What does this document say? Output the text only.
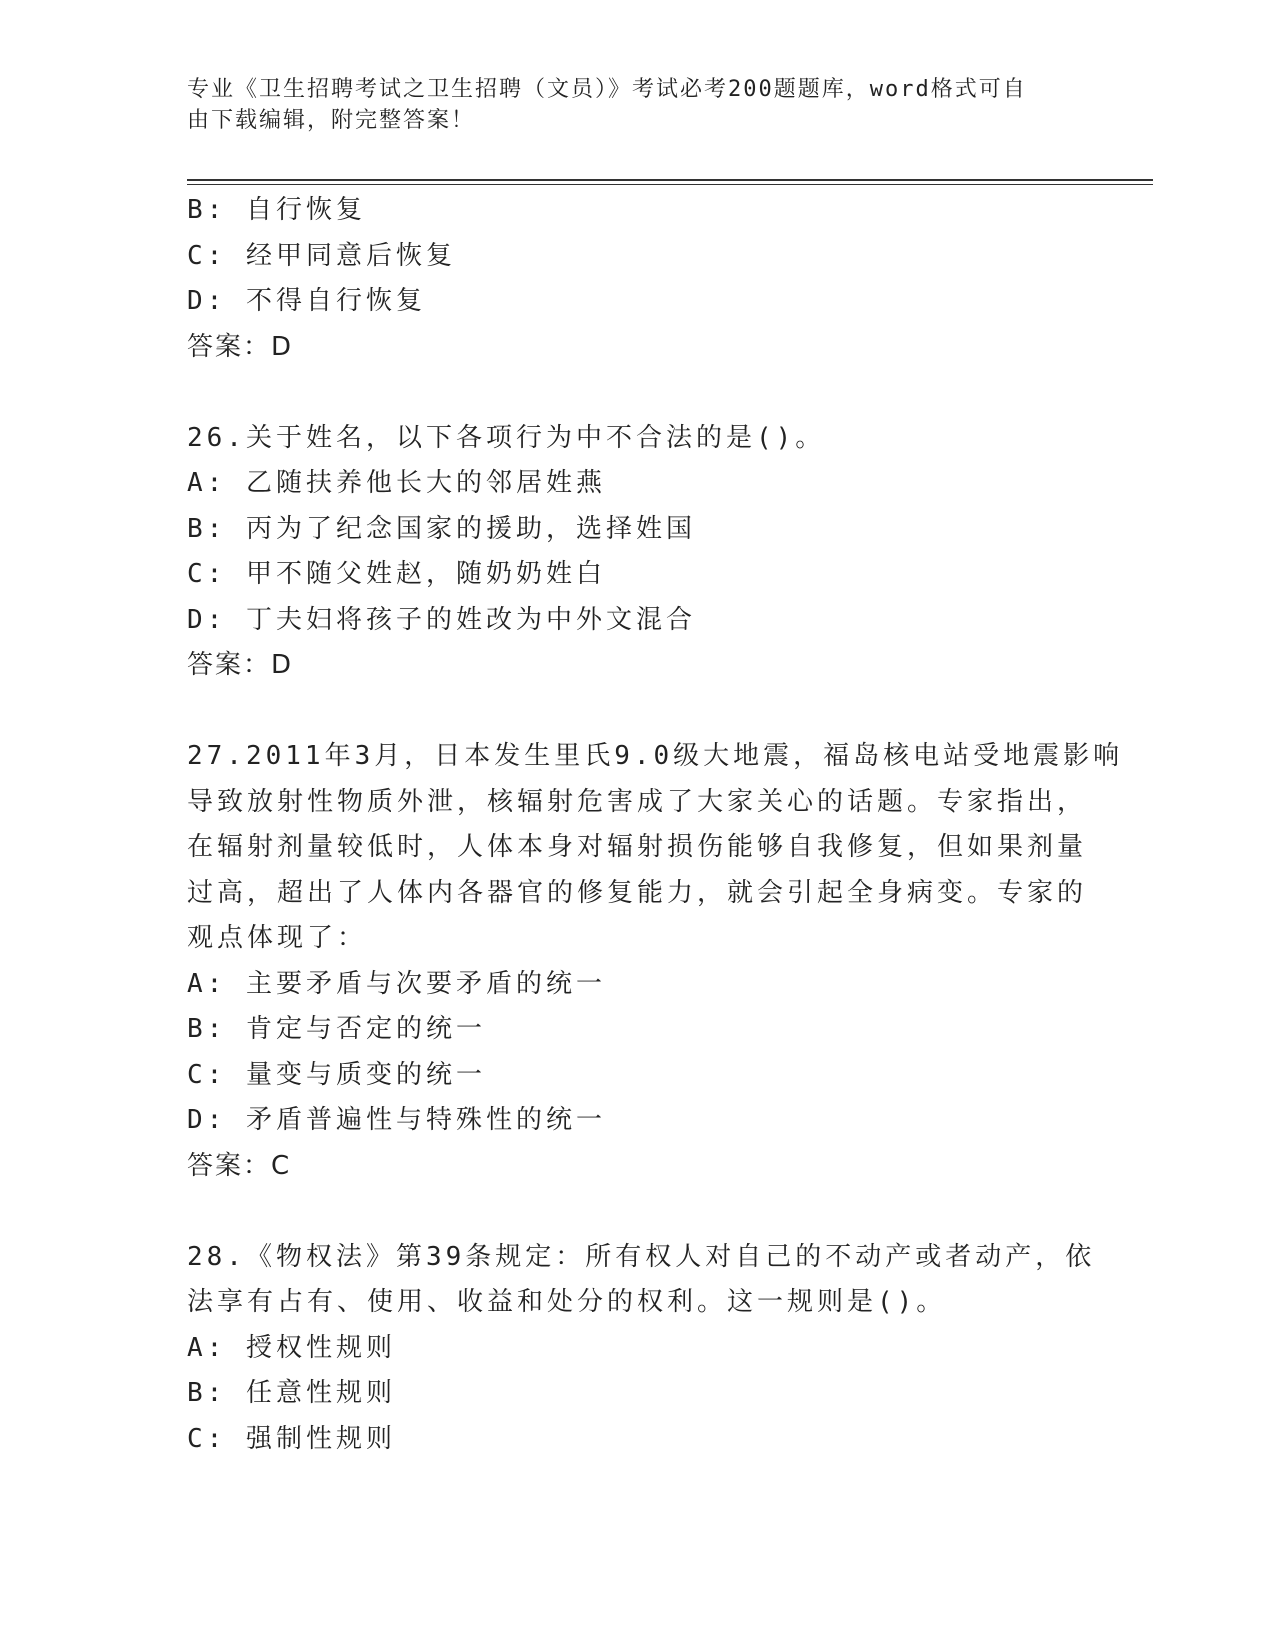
专业《卫生招聘考试之卫生招聘（文员）》考试必考200题题库，word格式可自
由下载编辑，附完整答案！
B: 自行恢复
C: 经甲同意后恢复
D: 不得自行恢复
答案：D
26.关于姓名，以下各项行为中不合法的是()。
A: 乙随扶养他长大的邻居姓燕
B: 丙为了纪念国家的援助，选择姓国
C: 甲不随父姓赵，随奶奶姓白
D: 丁夫妇将孩子的姓改为中外文混合
答案：D
27.2011年3月，日本发生里氏9.0级大地震，福岛核电站受地震影响
导致放射性物质外泄，核辐射危害成了大家关心的话题。专家指出，
在辐射剂量较低时，人体本身对辐射损伤能够自我修复，但如果剂量
过高，超出了人体内各器官的修复能力，就会引起全身病变。专家的
观点体现了：
A: 主要矛盾与次要矛盾的统一
B: 肯定与否定的统一
C: 量变与质变的统一
D: 矛盾普遍性与特殊性的统一
答案：C
28.《物权法》第39条规定：所有权人对自己的不动产或者动产，依
法享有占有、使用、收益和处分的权利。这一规则是()。
A: 授权性规则
B: 任意性规则
C: 强制性规则
